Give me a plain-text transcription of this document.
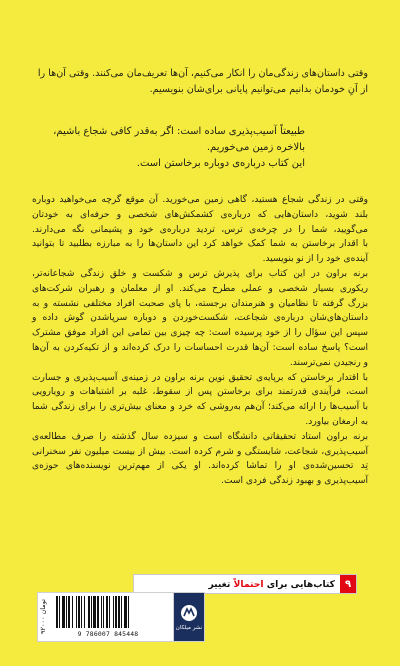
وقتی داستان‌های زندگی‌مان را انکار می‌کنیم، آن‌ها تعریف‌مان می‌کنند. وقتی آن‌ها را
از آنِ خودمان بدانیم می‌توانیم پایانی برای‌شان بنویسیم.
طبیعتاً آسیب‌پذیری ساده است: اگر به‌قدر کافی شجاع باشیم،
بالاخره زمین می‌خوریم.
این کتاب درباره‌ی دوباره برخاستن است.
وقتی در زندگی شجاع هستید، گاهی زمین می‌خورید. آن موقع گرچه می‌خواهید دوباره
بلند شوید، داستان‌هایی که درباره‌ی کشمکش‌های شخصی و حرفه‌ای به خودتان
می‌گویید، شما را در چرخه‌ی ترس، تردید درباره‌ی خود و پشیمانی نگه می‌دارند.
با اقدار برخاستن به شما کمک خواهد کرد این داستان‌ها را به مبارزه بطلبید تا بتوانید
آینده‌ی خود را از نو بنویسید.
برنه براون در این کتاب برای پذیرش ترس و شکست و خلق زندگی شجاعانه‌تر،
ریکوری بسیار شخصی و عملی مطرح می‌کند. او از معلمان و رهبران شرکت‌های
بزرگ گرفته تا نظامیان و هنرمندان برجسته، با پای صحبت افراد مختلفی نشسته و به
داستان‌های‌شان درباره‌ی شجاعت، شکست‌خوردن و دوباره سرپاشدن گوش داده و
سپس این سؤال را از خود پرسیده است: چه چیزی بین تمامی این افراد موفق مشترک
است؟ پاسخ ساده است: آن‌ها قدرت احساسات را درک کرده‌اند و از تکیه‌کردن به آن‌ها
و رنجیدن نمی‌ترسند.
با اقتدار برخاستن که برپایه‌ی تحقیق نوین برنه براون در زمینه‌ی آسیب‌پذیری و جسارت
است، فرآیندی قدرتمند برای برخاستن پس از سقوط، غلبه بر اشتباهات و رویارویی
با آسیب‌ها را ارائه می‌کند؛ آن‌هم به‌روشی که خرد و معنای بیش‌تری را برای زندگی شما
به ارمغان بیاورد.
برنه براون استاد تحقیقاتی دانشگاه است و سیزده سال گذشته را صرف مطالعه‌ی
آسیب‌پذیری، شجاعت، شایستگی و شرم کرده است. بیش از بیست میلیون نفر سخنرانی
تِد تحسین‌شده‌ی او را تماشا کرده‌اند. او یکی از مهم‌ترین نویسنده‌های حوزه‌ی
آسیب‌پذیری و بهبود زندگی فردی است.
کتاب‌هایی برای احتمالاً تغییر	۹
۹۲۰۰۰ تومان
9 786007 845448
نشر میلکان
